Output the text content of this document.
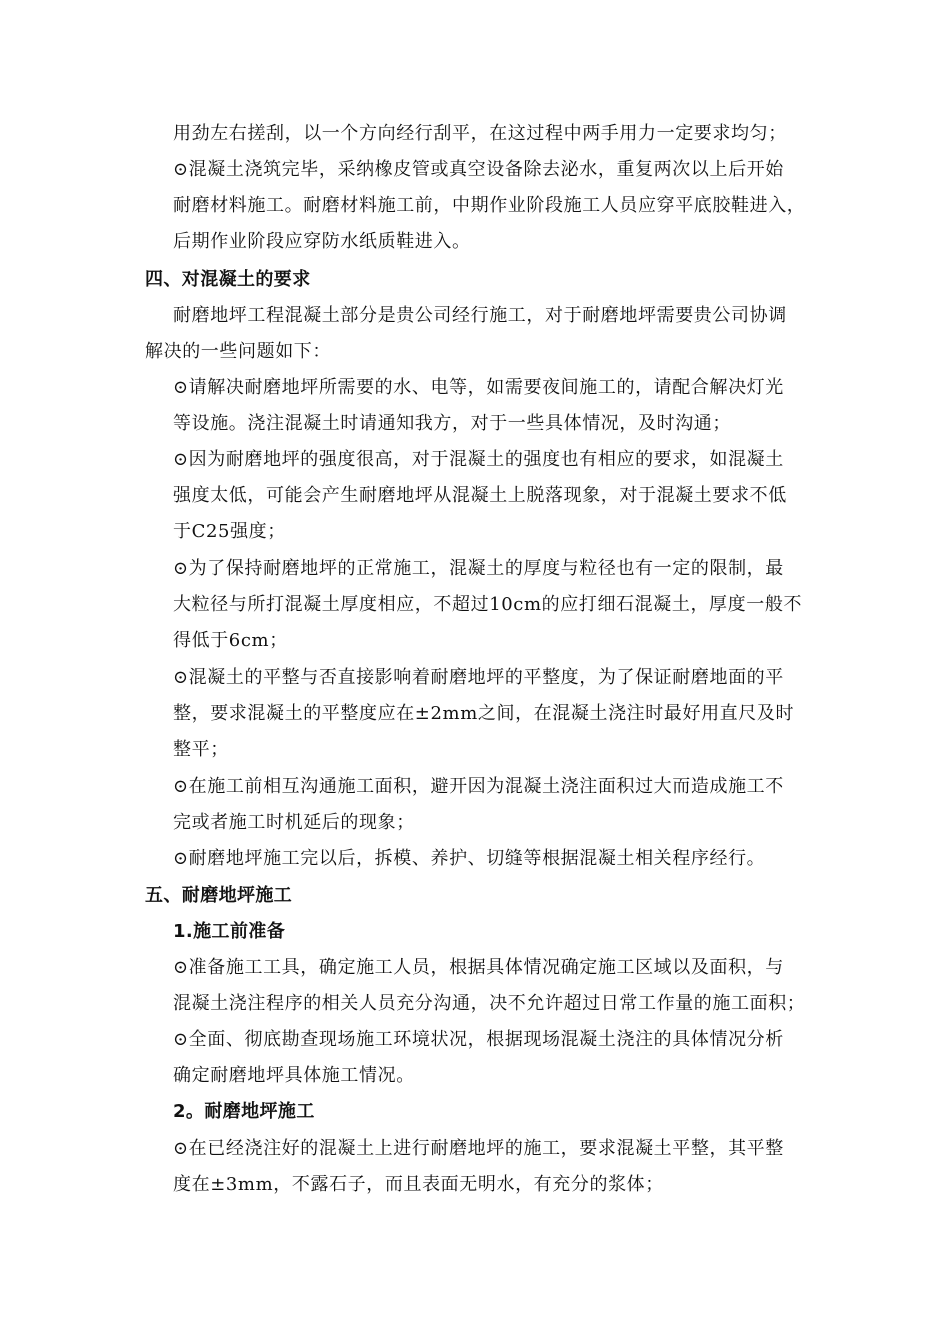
用劲左右搓刮，以一个方向经行刮平，在这过程中两手用力一定要求均匀；
⊙混凝土浇筑完毕，采纳橡皮管或真空设备除去泌水，重复两次以上后开始
耐磨材料施工。耐磨材料施工前，中期作业阶段施工人员应穿平底胶鞋进入，
后期作业阶段应穿防水纸质鞋进入。
四、对混凝土的要求
耐磨地坪工程混凝土部分是贵公司经行施工，对于耐磨地坪需要贵公司协调
解决的一些问题如下：
⊙请解决耐磨地坪所需要的水、电等，如需要夜间施工的，请配合解决灯光
等设施。浇注混凝土时请通知我方，对于一些具体情况，及时沟通；
⊙因为耐磨地坪的强度很高，对于混凝土的强度也有相应的要求，如混凝土
强度太低，可能会产生耐磨地坪从混凝土上脱落现象，对于混凝土要求不低
于C25强度；
⊙为了保持耐磨地坪的正常施工，混凝土的厚度与粒径也有一定的限制，最
大粒径与所打混凝土厚度相应，不超过10cm的应打细石混凝土，厚度一般不
得低于6cm；
⊙混凝土的平整与否直接影响着耐磨地坪的平整度，为了保证耐磨地面的平
整，要求混凝土的平整度应在±2mm之间，在混凝土浇注时最好用直尺及时
整平；
⊙在施工前相互沟通施工面积，避开因为混凝土浇注面积过大而造成施工不
完或者施工时机延后的现象；
⊙耐磨地坪施工完以后，拆模、养护、切缝等根据混凝土相关程序经行。
五、耐磨地坪施工
1.施工前准备
⊙准备施工工具，确定施工人员，根据具体情况确定施工区域以及面积，与
混凝土浇注程序的相关人员充分沟通，决不允许超过日常工作量的施工面积；
⊙全面、彻底勘查现场施工环境状况，根据现场混凝土浇注的具体情况分析
确定耐磨地坪具体施工情况。
2。耐磨地坪施工
⊙在已经浇注好的混凝土上进行耐磨地坪的施工，要求混凝土平整，其平整
度在±3mm，不露石子，而且表面无明水，有充分的浆体；
